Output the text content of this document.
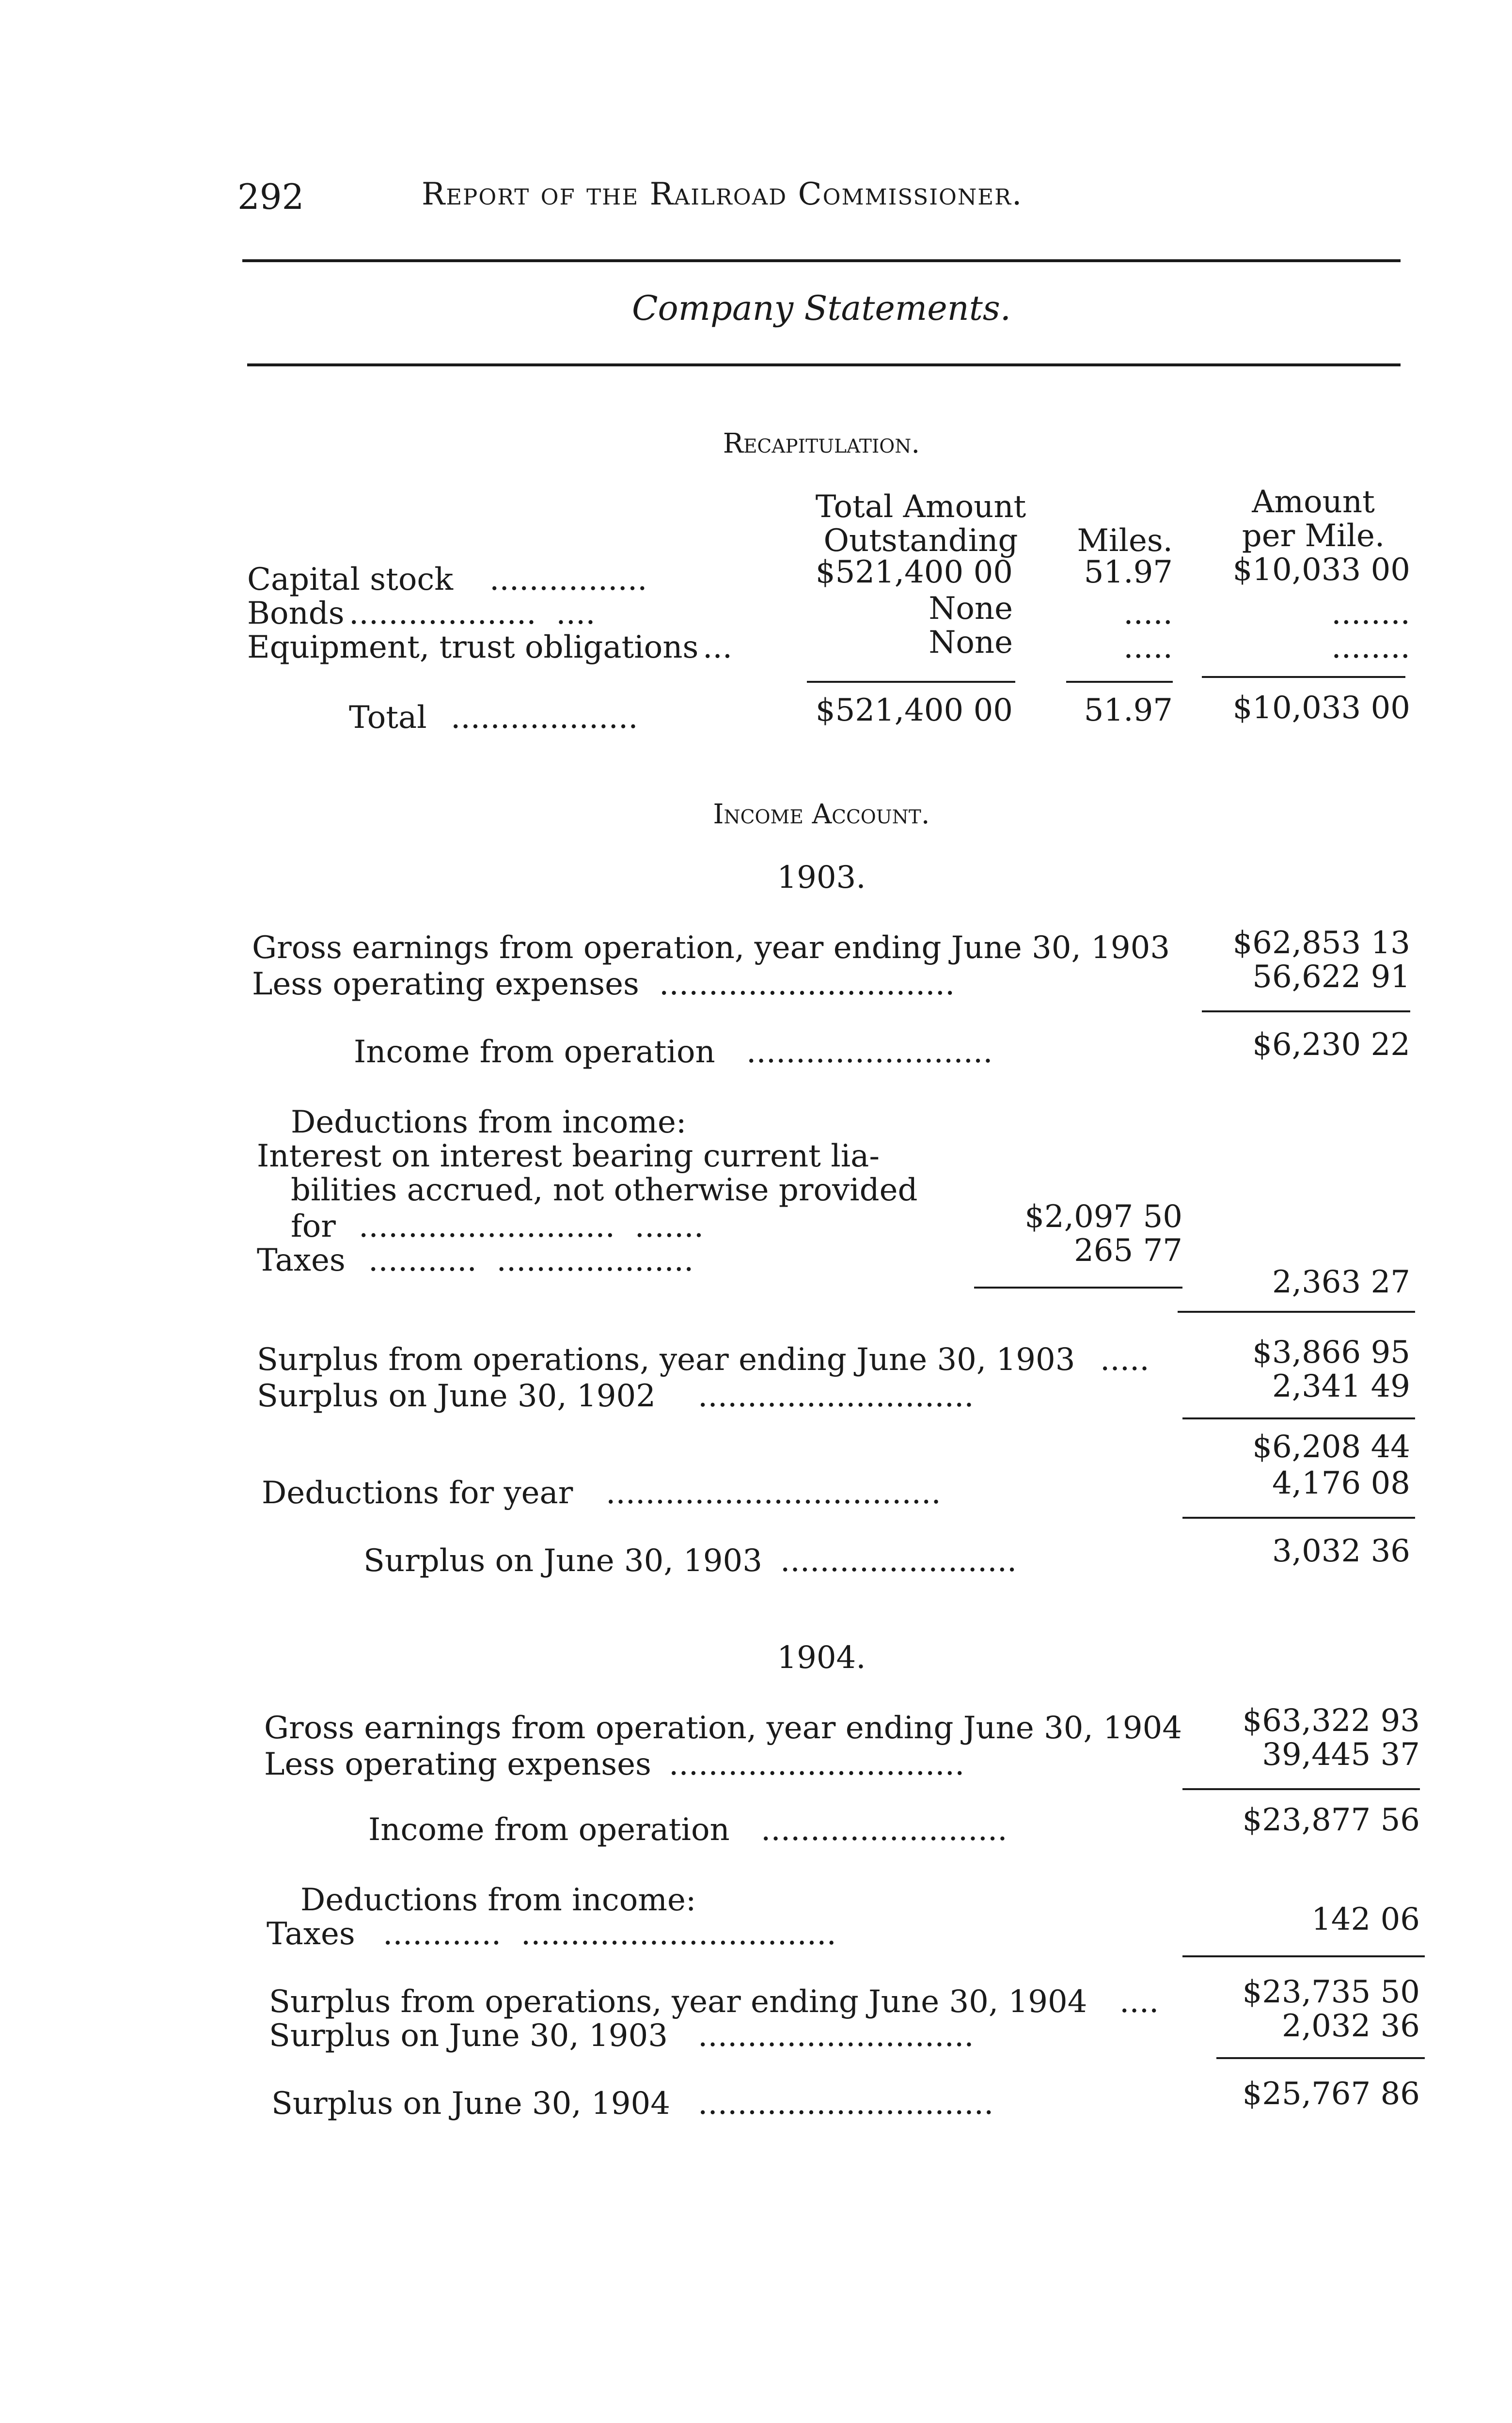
292	Report of the Railroad Commissioner.
Company Statements.
Recapitulation.
Total Amount
Outstanding	Miles.
Amount
per Mile.
Capital stock ................	$521,400 00	51.97	$10,033 00
Bonds ...................  ....	None	.....	........
Equipment, trust obligations ...	None	.....	........
Total ...................	$521,400 00	51.97	$10,033 00
Income Account.
1903.
Gross earnings from operation, year ending June 30, 1903	$62,853 13
Less operating expenses ..............................	56,622 91
Income from operation .........................	$6,230 22
Deductions from income:
Interest on interest bearing current lia-
bilities accrued, not otherwise provided
for ..........................  .......	$2,097 50
Taxes ...........  ....................	265 77
2,363 27
Surplus from operations, year ending June 30, 1903 .....	$3,866 95
Surplus on June 30, 1902 ............................	2,341 49
$6,208 44
Deductions for year ..................................	4,176 08
Surplus on June 30, 1903 ........................	3,032 36
1904.
Gross earnings from operation, year ending June 30, 1904	$63,322 93
Less operating expenses ..............................	39,445 37
Income from operation .........................	$23,877 56
Deductions from income:
Taxes ............  ................................	142 06
Surplus from operations, year ending June 30, 1904 ....	$23,735 50
Surplus on June 30, 1903 ............................	2,032 36
Surplus on June 30, 1904 ..............................	$25,767 86
